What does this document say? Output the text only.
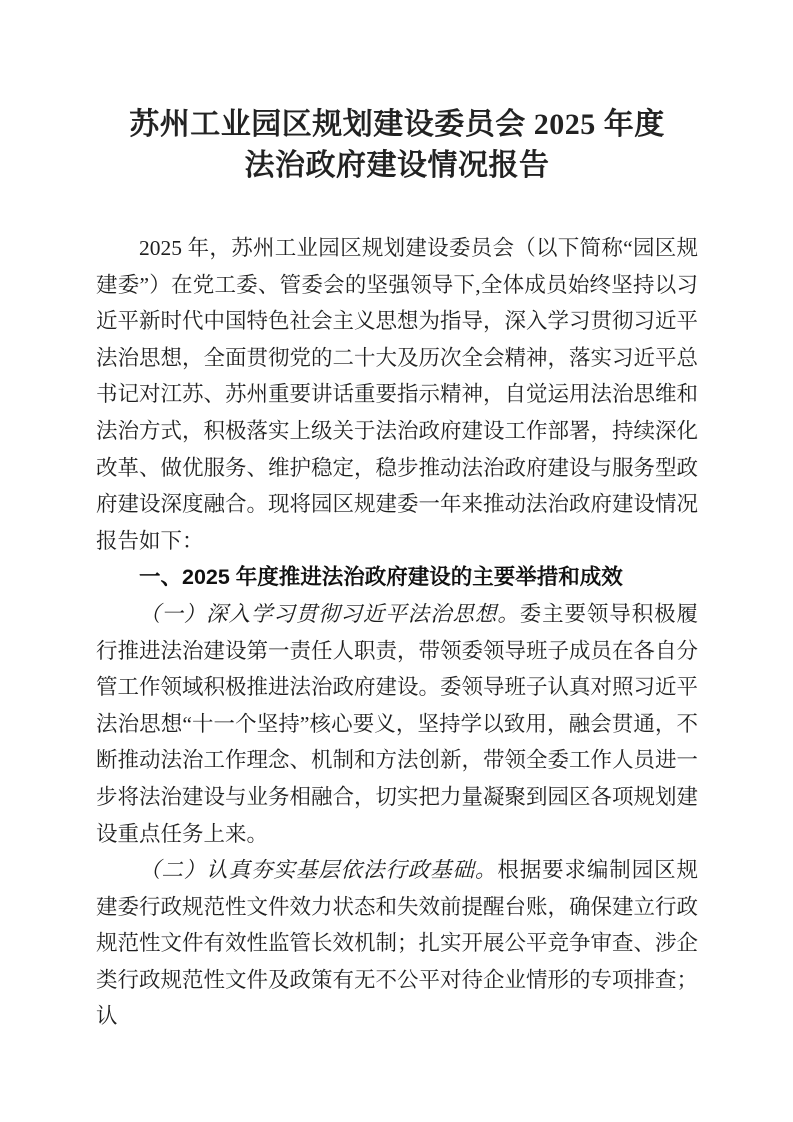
苏州工业园区规划建设委员会 2025 年度
法治政府建设情况报告

2025 年，苏州工业园区规划建设委员会（以下简称“园区规建委”）在党工委、管委会的坚强领导下,全体成员始终坚持以习近平新时代中国特色社会主义思想为指导，深入学习贯彻习近平法治思想，全面贯彻党的二十大及历次全会精神，落实习近平总书记对江苏、苏州重要讲话重要指示精神，自觉运用法治思维和法治方式，积极落实上级关于法治政府建设工作部署，持续深化改革、做优服务、维护稳定，稳步推动法治政府建设与服务型政府建设深度融合。现将园区规建委一年来推动法治政府建设情况报告如下：

一、2025 年度推进法治政府建设的主要举措和成效

（一）深入学习贯彻习近平法治思想。委主要领导积极履行推进法治建设第一责任人职责，带领委领导班子成员在各自分管工作领域积极推进法治政府建设。委领导班子认真对照习近平法治思想“十一个坚持”核心要义，坚持学以致用，融会贯通，不断推动法治工作理念、机制和方法创新，带领全委工作人员进一步将法治建设与业务相融合，切实把力量凝聚到园区各项规划建设重点任务上来。

（二）认真夯实基层依法行政基础。根据要求编制园区规建委行政规范性文件效力状态和失效前提醒台账，确保建立行政规范性文件有效性监管长效机制；扎实开展公平竞争审查、涉企类行政规范性文件及政策有无不公平对待企业情形的专项排查；认
